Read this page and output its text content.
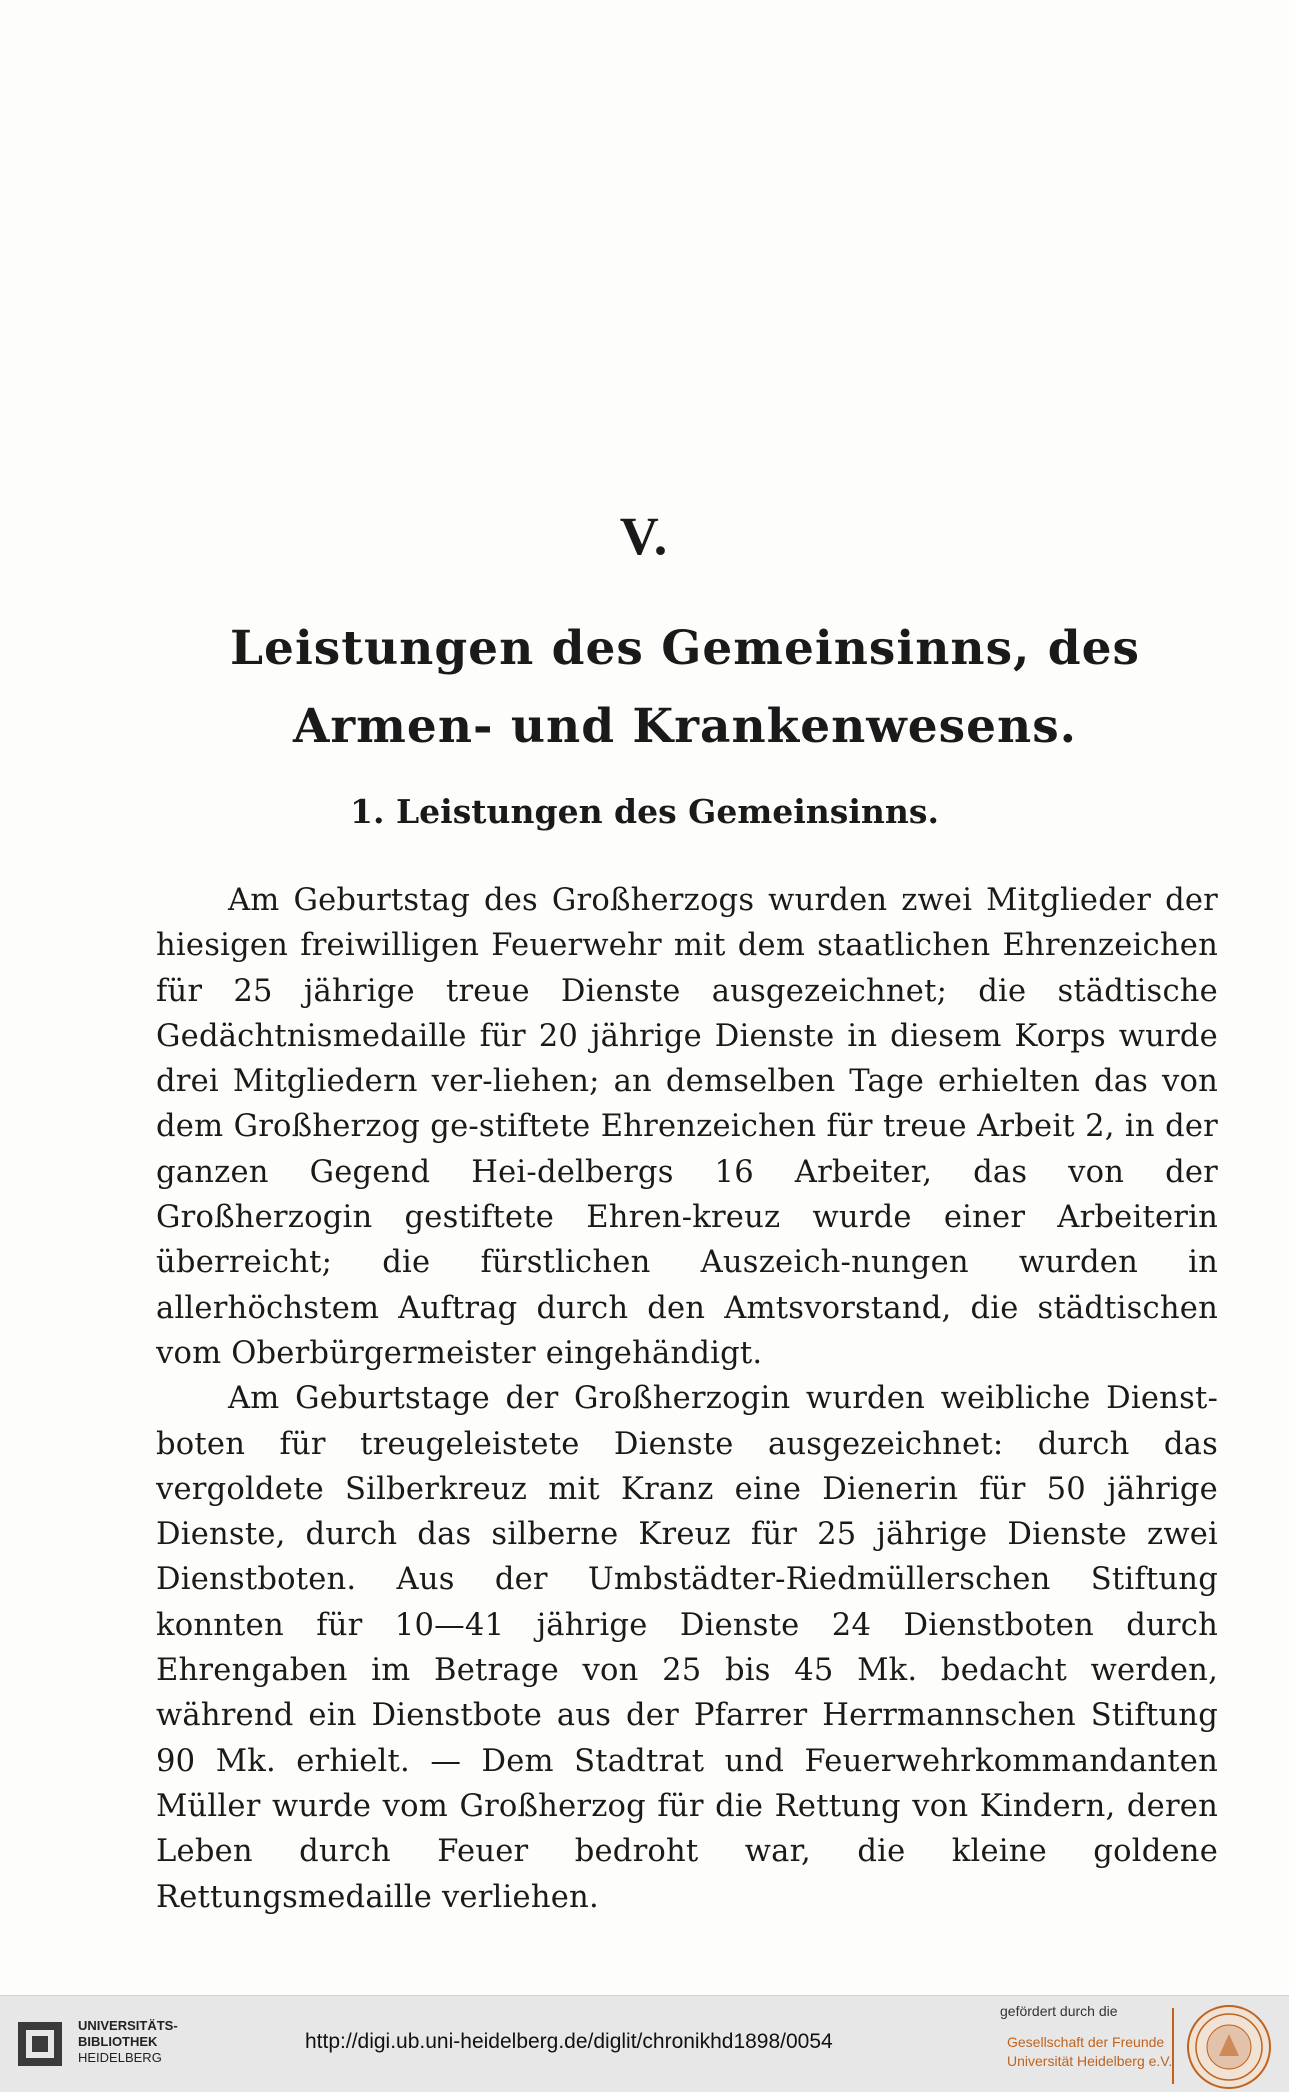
V.
Leistungen des Gemeinsinns, des Armen- und Krankenwesens.
1. Leistungen des Gemeinsinns.

Am Geburtstag des Großherzogs wurden zwei Mitglieder der hiesigen freiwilligen Feuerwehr mit dem staatlichen Ehrenzeichen für 25 jährige treue Dienste ausgezeichnet; die städtische Gedächtnismedaille für 20 jährige Dienste in diesem Korps wurde drei Mitgliedern ver-liehen; an demselben Tage erhielten das von dem Großherzog ge-stiftete Ehrenzeichen für treue Arbeit 2, in der ganzen Gegend Hei-delbergs 16 Arbeiter, das von der Großherzogin gestiftete Ehren-kreuz wurde einer Arbeiterin überreicht; die fürstlichen Auszeich-nungen wurden in allerhöchstem Auftrag durch den Amtsvorstand, die städtischen vom Oberbürgermeister eingehändigt.

Am Geburtstage der Großherzogin wurden weibliche Dienst-boten für treugeleistete Dienste ausgezeichnet: durch das vergoldete Silberkreuz mit Kranz eine Dienerin für 50 jährige Dienste, durch das silberne Kreuz für 25 jährige Dienste zwei Dienstboten. Aus der Umbstädter-Riedmüllerschen Stiftung konnten für 10—41 jährige Dienste 24 Dienstboten durch Ehrengaben im Betrage von 25 bis 45 Mk. bedacht werden, während ein Dienstbote aus der Pfarrer Herrmannschen Stiftung 90 Mk. erhielt. — Dem Stadtrat und Feuerwehrkommandanten Müller wurde vom Großherzog für die Rettung von Kindern, deren Leben durch Feuer bedroht war, die kleine goldene Rettungsmedaille verliehen.

UNIVERSITÄTS-
BIBLIOTHEK
HEIDELBERG
http://digi.ub.uni-heidelberg.de/diglit/chronikhd1898/0054
gefördert durch die
Gesellschaft der Freunde
Universität Heidelberg e.V.
